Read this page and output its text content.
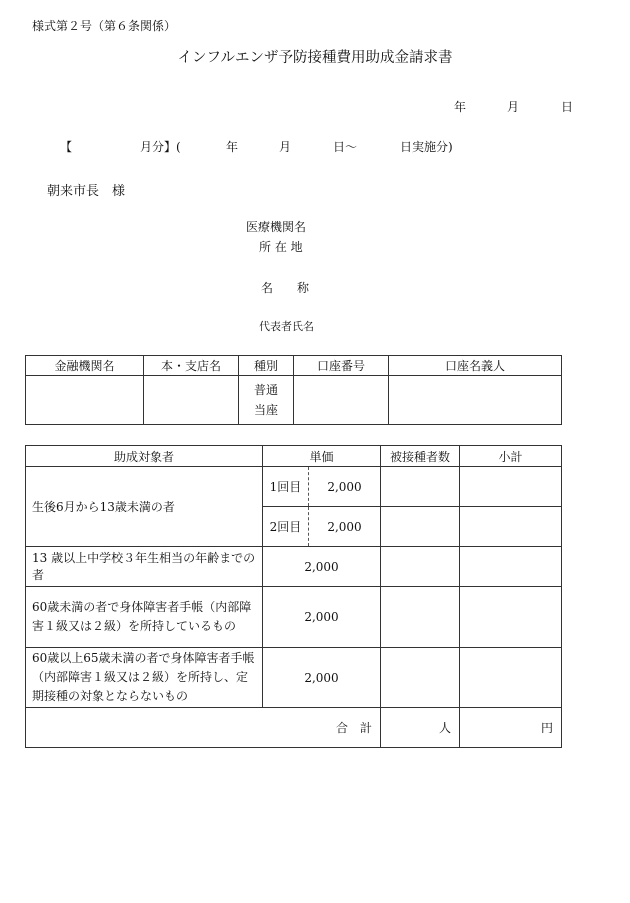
様式第２号（第６条関係）
インフルエンザ予防接種費用助成金請求書
年	月	日
【	月分】(	年	月	日～	日実施分)
朝来市長　様
医療機関名
所 在 地
名　　称
代表者氏名
金融機関名	本・支店名	種別	口座番号	口座名義人

		普通
当座		

助成対象者	単価		被接種者数	小計
生後6月から13歳未満の者	1回目	2,000		
	2回目	2,000		
13 歳以上中学校３年生相当の年齢までの者	2,000			
60歳未満の者で身体障害者手帳（内部障害１級又は２級）を所持しているもの	2,000			
60歳以上65歳未満の者で身体障害者手帳（内部障害１級又は２級）を所持し、定期接種の対象とならないもの	2,000			
合　計			人	円
